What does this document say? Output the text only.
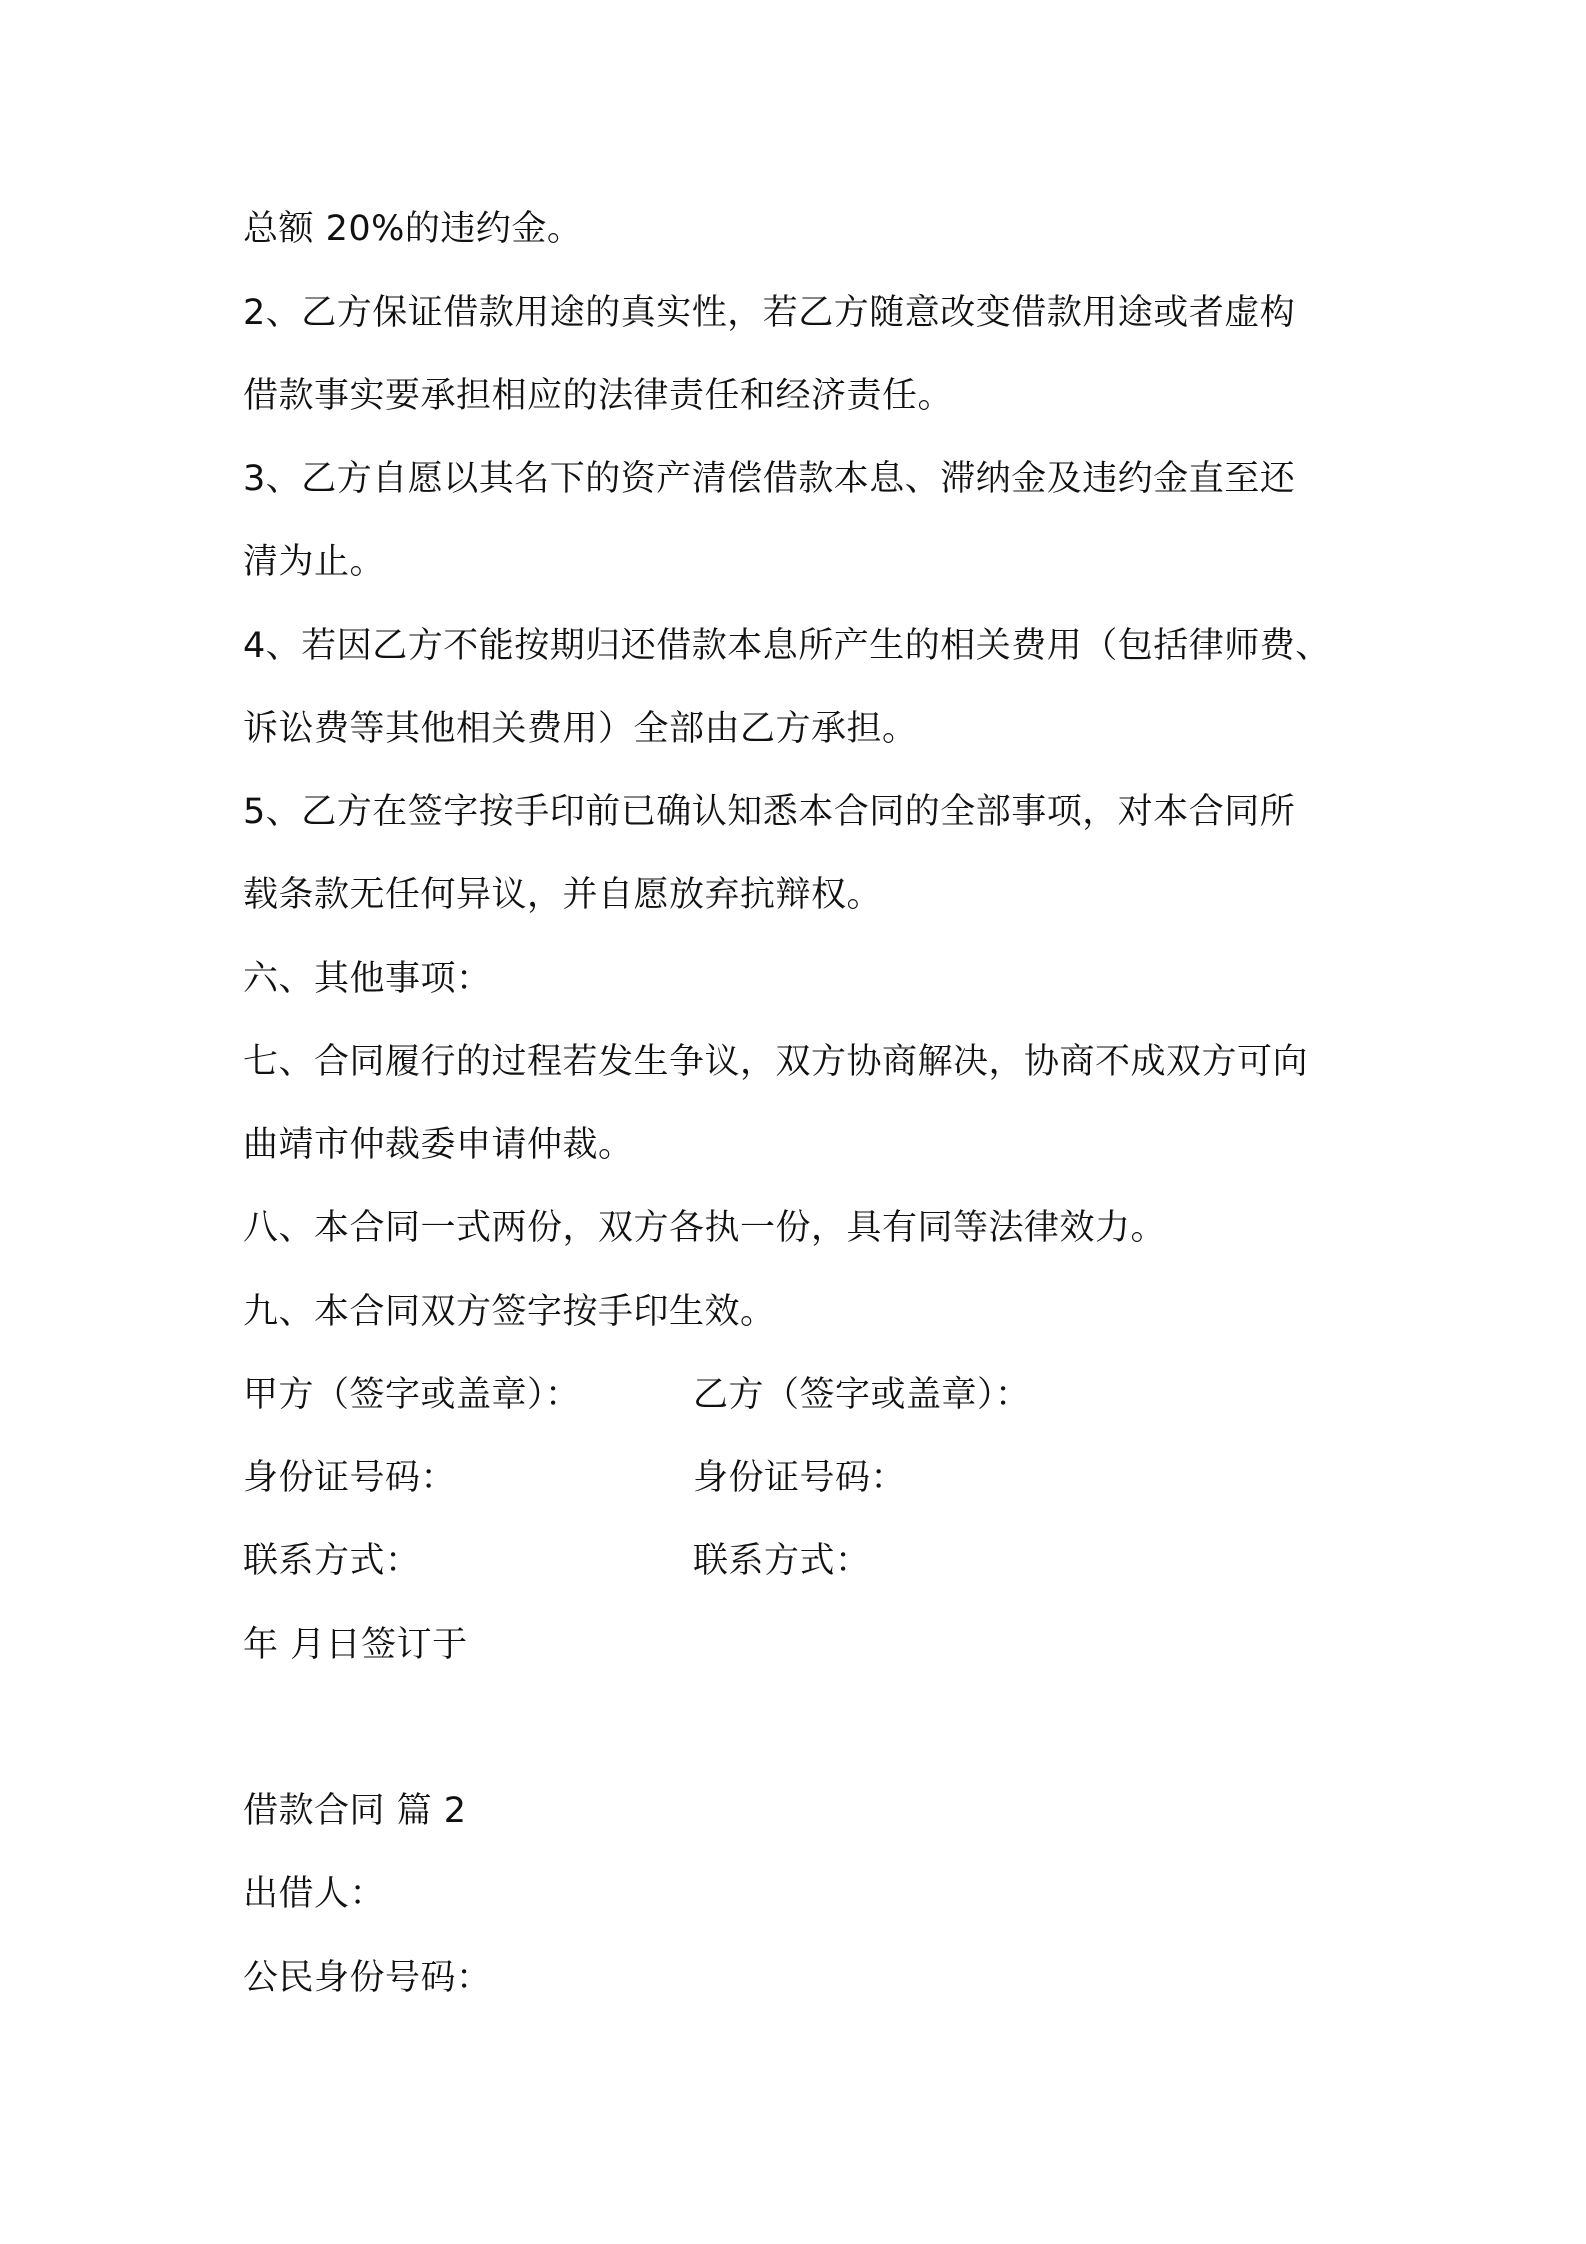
总额 20%的违约金。
2、乙方保证借款用途的真实性，若乙方随意改变借款用途或者虚构
借款事实要承担相应的法律责任和经济责任。
3、乙方自愿以其名下的资产清偿借款本息、滞纳金及违约金直至还
清为止。
4、若因乙方不能按期归还借款本息所产生的相关费用（包括律师费、
诉讼费等其他相关费用）全部由乙方承担。
5、乙方在签字按手印前已确认知悉本合同的全部事项，对本合同所
载条款无任何异议，并自愿放弃抗辩权。
六、其他事项：
七、合同履行的过程若发生争议，双方协商解决，协商不成双方可向
曲靖市仲裁委申请仲裁。
八、本合同一式两份，双方各执一份，具有同等法律效力。
九、本合同双方签字按手印生效。
甲方（签字或盖章）：	乙方（签字或盖章）：
身份证号码：	身份证号码：
联系方式：	联系方式：
年 月日签订于
借款合同 篇 2
出借人：
公民身份号码：
